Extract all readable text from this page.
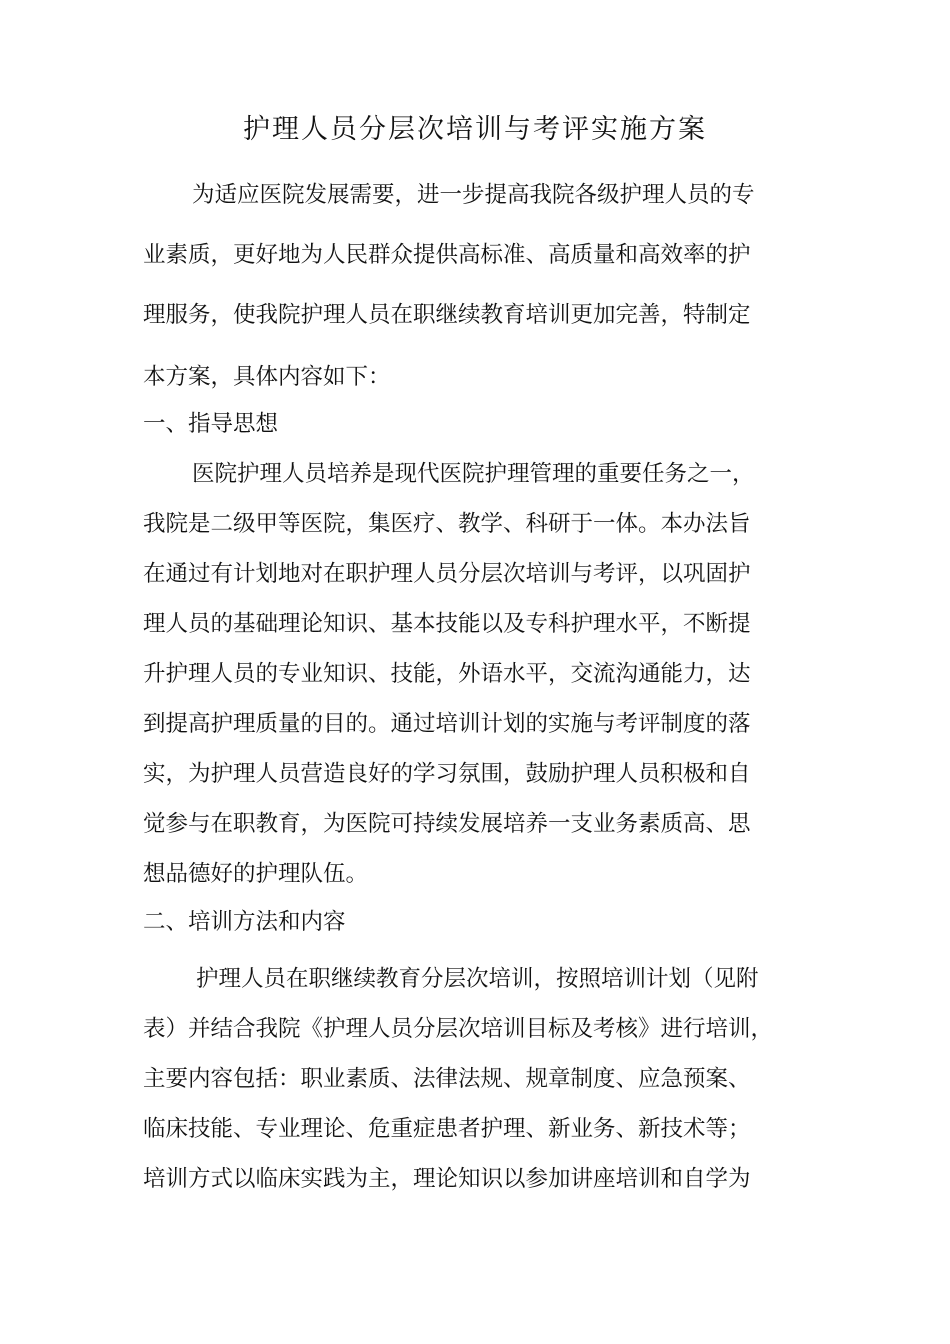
护理人员分层次培训与考评实施方案
为适应医院发展需要，进一步提高我院各级护理人员的专
业素质，更好地为人民群众提供高标准、高质量和高效率的护
理服务，使我院护理人员在职继续教育培训更加完善，特制定
本方案，具体内容如下：
一、指导思想
医院护理人员培养是现代医院护理管理的重要任务之一，
我院是二级甲等医院，集医疗、教学、科研于一体。本办法旨
在通过有计划地对在职护理人员分层次培训与考评，以巩固护
理人员的基础理论知识、基本技能以及专科护理水平，不断提
升护理人员的专业知识、技能，外语水平，交流沟通能力，达
到提高护理质量的目的。通过培训计划的实施与考评制度的落
实，为护理人员营造良好的学习氛围，鼓励护理人员积极和自
觉参与在职教育，为医院可持续发展培养一支业务素质高、思
想品德好的护理队伍。
二、培训方法和内容
护理人员在职继续教育分层次培训，按照培训计划（见附
表）并结合我院《护理人员分层次培训目标及考核》进行培训，
主要内容包括：职业素质、法律法规、规章制度、应急预案、
临床技能、专业理论、危重症患者护理、新业务、新技术等；
培训方式以临床实践为主，理论知识以参加讲座培训和自学为
